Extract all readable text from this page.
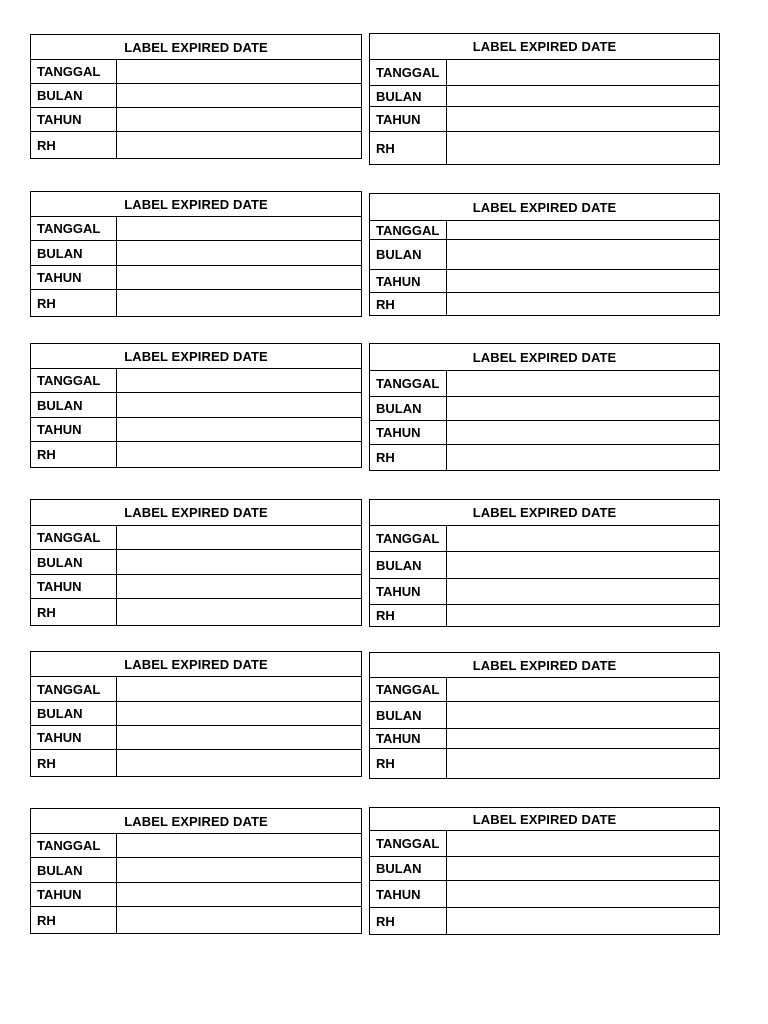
LABEL EXPIRED DATE
TANGGAL
BULAN
TAHUN
RH
LABEL EXPIRED DATE
TANGGAL
BULAN
TAHUN
RH
LABEL EXPIRED DATE
TANGGAL
BULAN
TAHUN
RH
LABEL EXPIRED DATE
TANGGAL
BULAN
TAHUN
RH
LABEL EXPIRED DATE
TANGGAL
BULAN
TAHUN
RH
LABEL EXPIRED DATE
TANGGAL
BULAN
TAHUN
RH
LABEL EXPIRED DATE
TANGGAL
BULAN
TAHUN
RH
LABEL EXPIRED DATE
TANGGAL
BULAN
TAHUN
RH
LABEL EXPIRED DATE
TANGGAL
BULAN
TAHUN
RH
LABEL EXPIRED DATE
TANGGAL
BULAN
TAHUN
RH
LABEL EXPIRED DATE
TANGGAL
BULAN
TAHUN
RH
LABEL EXPIRED DATE
TANGGAL
BULAN
TAHUN
RH
